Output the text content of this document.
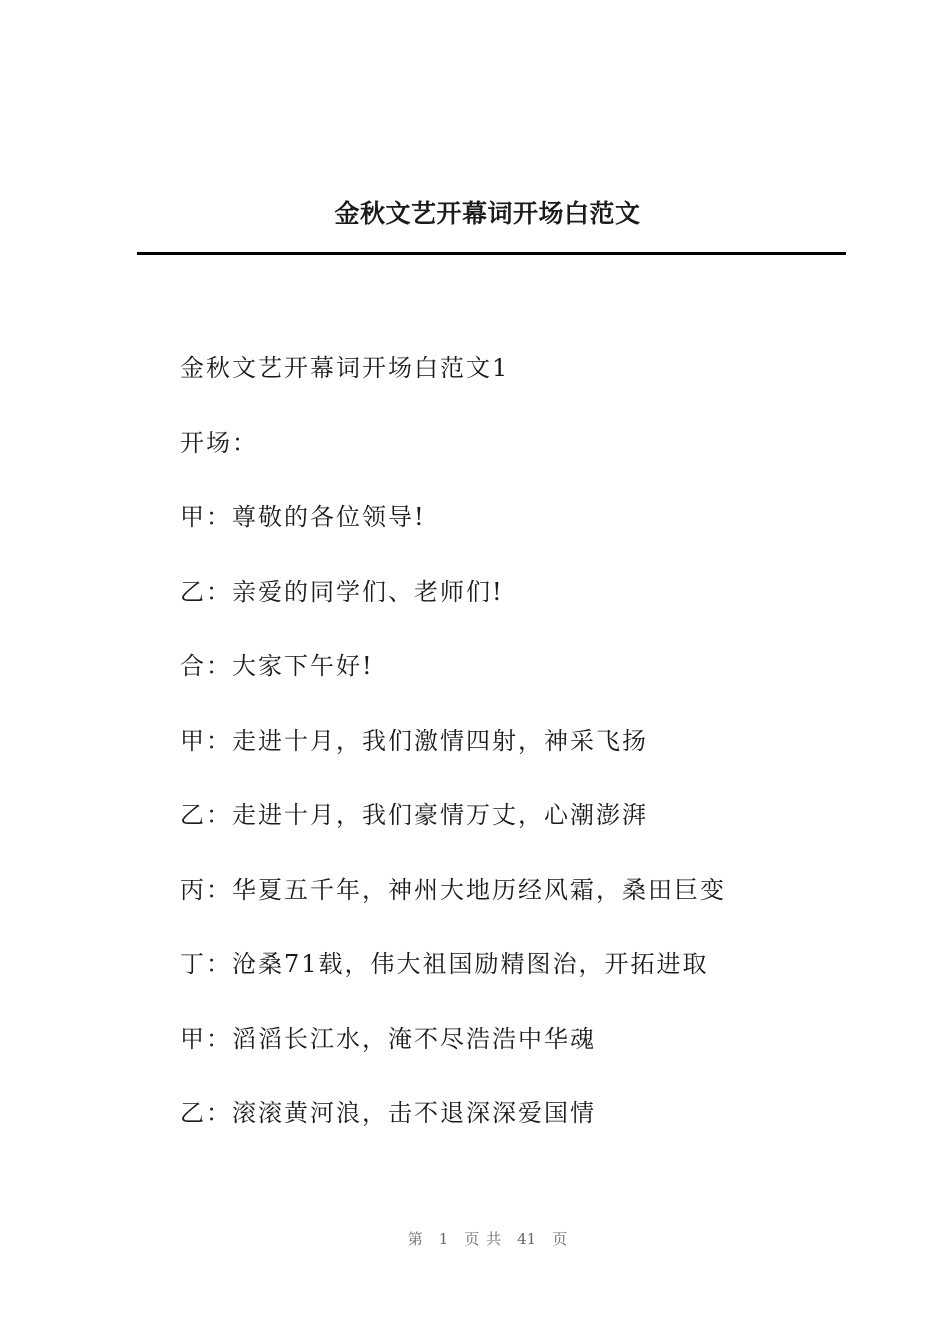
金秋文艺开幕词开场白范文
金秋文艺开幕词开场白范文1
开场：
甲：尊敬的各位领导!
乙：亲爱的同学们、老师们!
合：大家下午好!
甲：走进十月，我们激情四射，神采飞扬
乙：走进十月，我们豪情万丈，心潮澎湃
丙：华夏五千年，神州大地历经风霜，桑田巨变
丁：沧桑71载，伟大祖国励精图治，开拓进取
甲：滔滔长江水，淹不尽浩浩中华魂
乙：滚滚黄河浪，击不退深深爱国情
第 1 页 共 41 页
